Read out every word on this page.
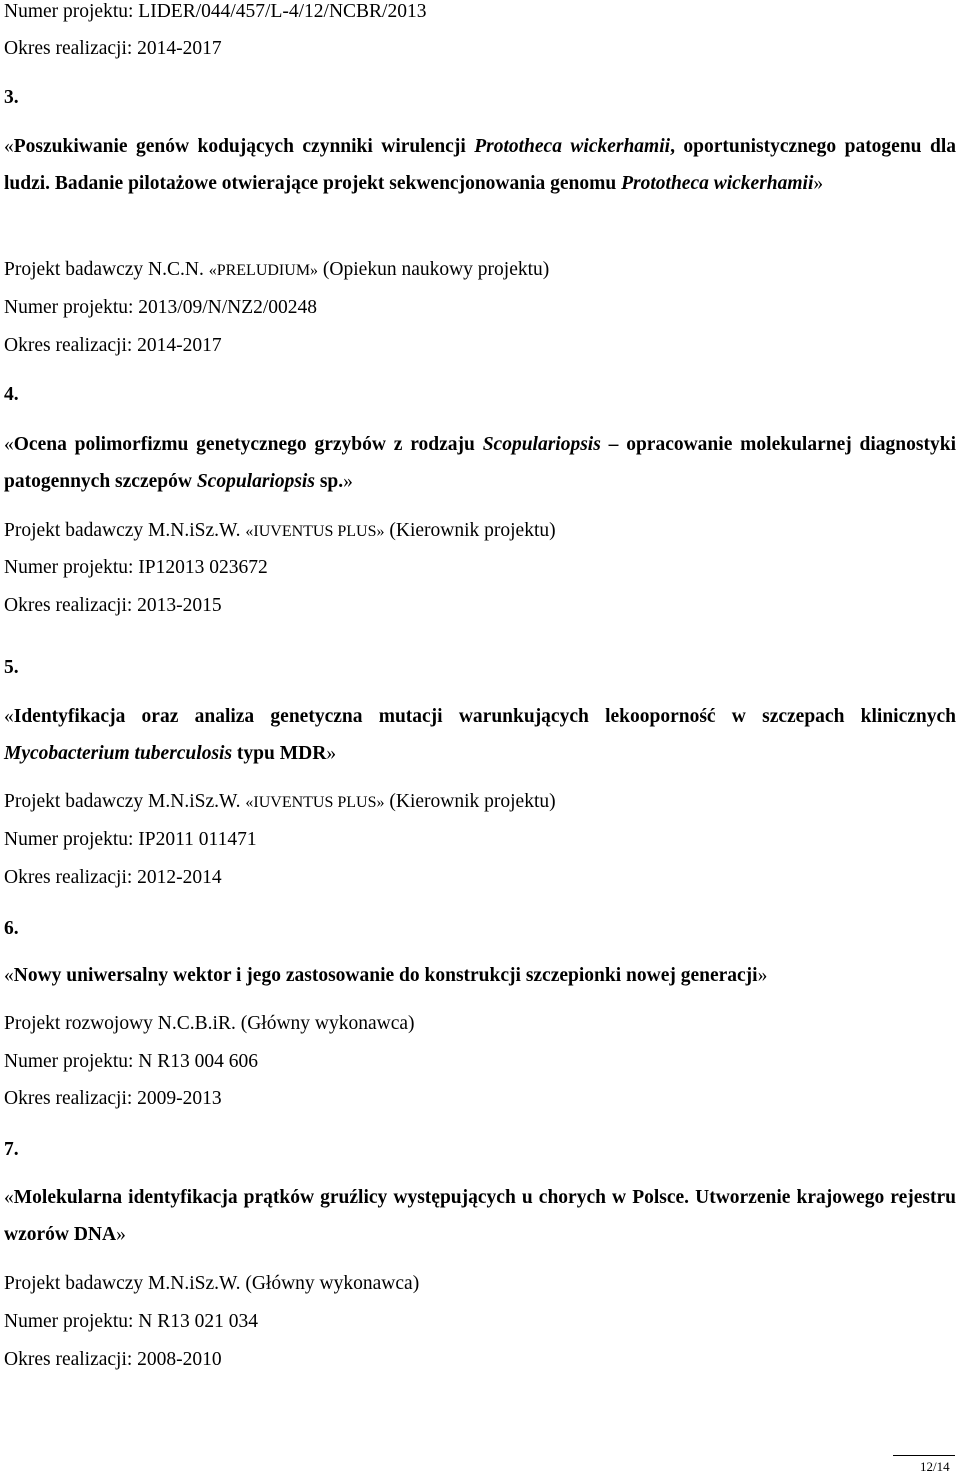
Numer projektu: LIDER/044/457/L-4/12/NCBR/2013
Okres realizacji: 2014-2017
3.
«Poszukiwanie genów kodujących czynniki wirulencji Prototheca wickerhamii, oportunistycznego patogenu dla ludzi. Badanie pilotażowe otwierające projekt sekwencjonowania genomu Prototheca wickerhamii»
Projekt badawczy N.C.N. «PRELUDIUM» (Opiekun naukowy projektu)
Numer projektu: 2013/09/N/NZ2/00248
Okres realizacji: 2014-2017
4.
«Ocena polimorfizmu genetycznego grzybów z rodzaju Scopulariopsis – opracowanie molekularnej diagnostyki patogennych szczepów Scopulariopsis sp.»
Projekt badawczy M.N.iSz.W. «IUVENTUS PLUS» (Kierownik projektu)
Numer projektu: IP12013 023672
Okres realizacji: 2013-2015
5.
«Identyfikacja oraz analiza genetyczna mutacji warunkujących lekooporność w szczepach klinicznych Mycobacterium tuberculosis typu MDR»
Projekt badawczy M.N.iSz.W. «IUVENTUS PLUS» (Kierownik projektu)
Numer projektu: IP2011 011471
Okres realizacji: 2012-2014
6.
«Nowy uniwersalny wektor i jego zastosowanie do konstrukcji szczepionki nowej generacji»
Projekt rozwojowy N.C.B.iR. (Główny wykonawca)
Numer projektu: N R13 004 606
Okres realizacji: 2009-2013
7.
«Molekularna identyfikacja prątków gruźlicy występujących u chorych w Polsce. Utworzenie krajowego rejestru wzorów DNA»
Projekt badawczy M.N.iSz.W. (Główny wykonawca)
Numer projektu: N R13 021 034
Okres realizacji: 2008-2010
12/14
